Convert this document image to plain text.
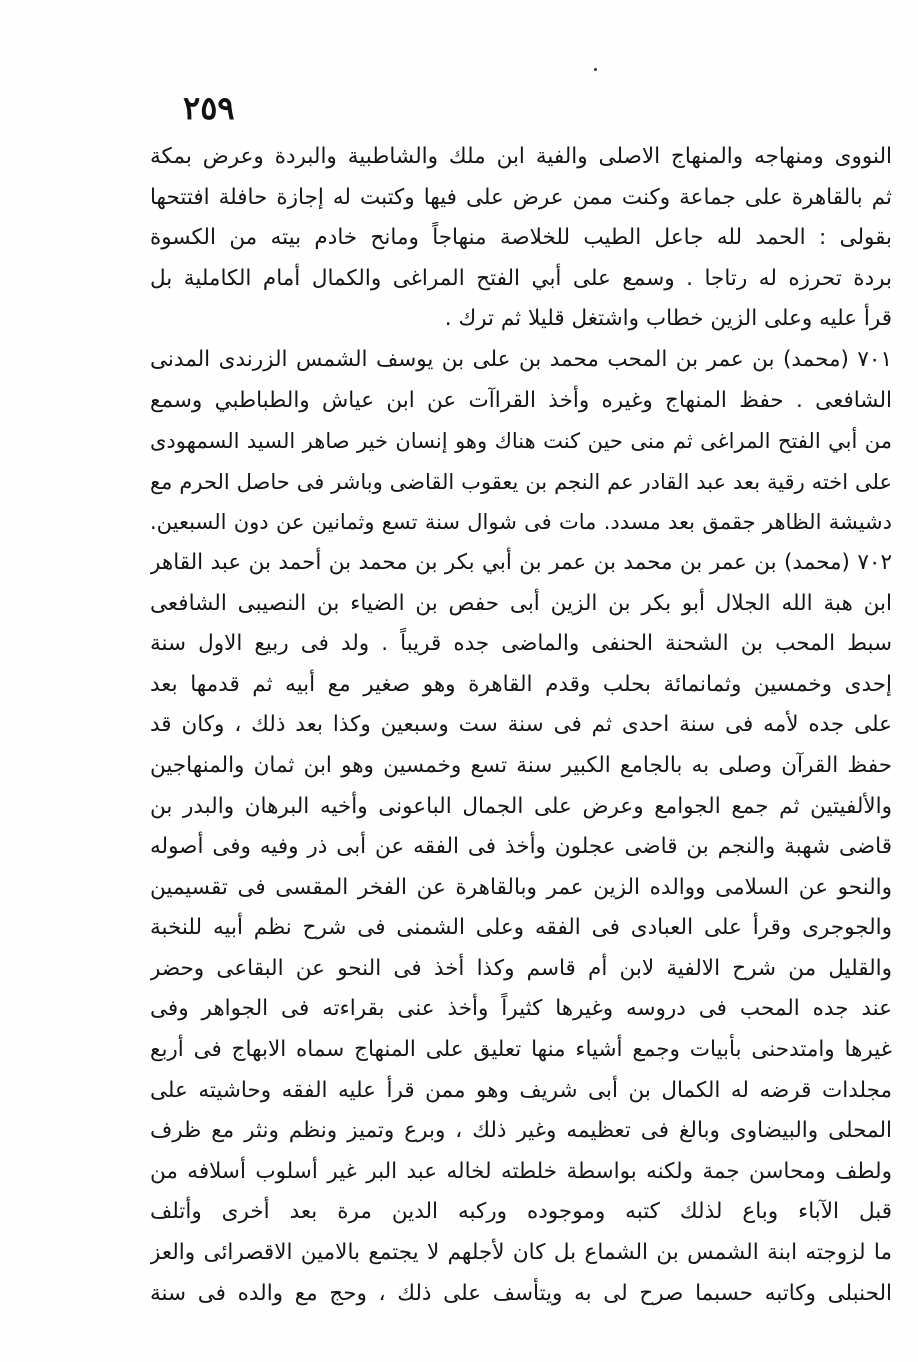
٢٥٩
النووى ومنهاجه والمنهاج الاصلى والفية ابن ملك والشاطبية والبردة وعرض بمكة
ثم بالقاهرة على جماعة وكنت ممن عرض على فيها وكتبت له إجازة حافلة افتتحها
بقولى : الحمد لله جاعل الطيب للخلاصة منهاجاً ومانح خادم بيته من الكسوة
بردة تحرزه له رتاجا . وسمع على أبي الفتح المراغى والكمال أمام الكاملية بل
قرأ عليه وعلى الزين خطاب واشتغل قليلا ثم ترك .
٧٠١ (محمد) بن عمر بن المحب محمد بن على بن يوسف الشمس الزرندى المدنى
الشافعى . حفظ المنهاج وغيره وأخذ القراآت عن ابن عياش والطباطبي وسمع
من أبي الفتح المراغى ثم منى حين كنت هناك وهو إنسان خير صاهر السيد السمهودى
على اخته رقية بعد عبد القادر عم النجم بن يعقوب القاضى وباشر فى حاصل الحرم مع
دشيشة الظاهر جقمق بعد مسدد. مات فى شوال سنة تسع وثمانين عن دون السبعين.
٧٠٢ (محمد) بن عمر بن محمد بن عمر بن أبي بكر بن محمد بن أحمد بن عبد القاهر
ابن هبة الله الجلال أبو بكر بن الزين أبى حفص بن الضياء بن النصيبى الشافعى
سبط المحب بن الشحنة الحنفى والماضى جده قريباً . ولد فى ربيع الاول سنة
إحدى وخمسين وثمانمائة بحلب وقدم القاهرة وهو صغير مع أبيه ثم قدمها بعد
على جده لأمه فى سنة احدى ثم فى سنة ست وسبعين وكذا بعد ذلك ، وكان قد
حفظ القرآن وصلى به بالجامع الكبير سنة تسع وخمسين وهو ابن ثمان والمنهاجين
والألفيتين ثم جمع الجوامع وعرض على الجمال الباعونى وأخيه البرهان والبدر بن
قاضى شهبة والنجم بن قاضى عجلون وأخذ فى الفقه عن أبى ذر وفيه وفى أصوله
والنحو عن السلامى ووالده الزين عمر وبالقاهرة عن الفخر المقسى فى تقسيمين
والجوجرى وقرأ على العبادى فى الفقه وعلى الشمنى فى شرح نظم أبيه للنخبة
والقليل من شرح الالفية لابن أم قاسم وكذا أخذ فى النحو عن البقاعى وحضر
عند جده المحب فى دروسه وغيرها كثيراً وأخذ عنى بقراءته فى الجواهر وفى
غيرها وامتدحنى بأبيات وجمع أشياء منها تعليق على المنهاج سماه الابهاج فى أربع
مجلدات قرضه له الكمال بن أبى شريف وهو ممن قرأ عليه الفقه وحاشيته على
المحلى والبيضاوى وبالغ فى تعظيمه وغير ذلك ، وبرع وتميز ونظم ونثر مع ظرف
ولطف ومحاسن جمة ولكنه بواسطة خلطته لخاله عبد البر غير أسلوب أسلافه من
قبل الآباء وباع لذلك كتبه وموجوده وركبه الدين مرة بعد أخرى وأتلف
ما لزوجته ابنة الشمس بن الشماع بل كان لأجلهم لا يجتمع بالامين الاقصرائى والعز
الحنبلى وكاتبه حسبما صرح لى به ويتأسف على ذلك ، وحج مع والده فى سنة
